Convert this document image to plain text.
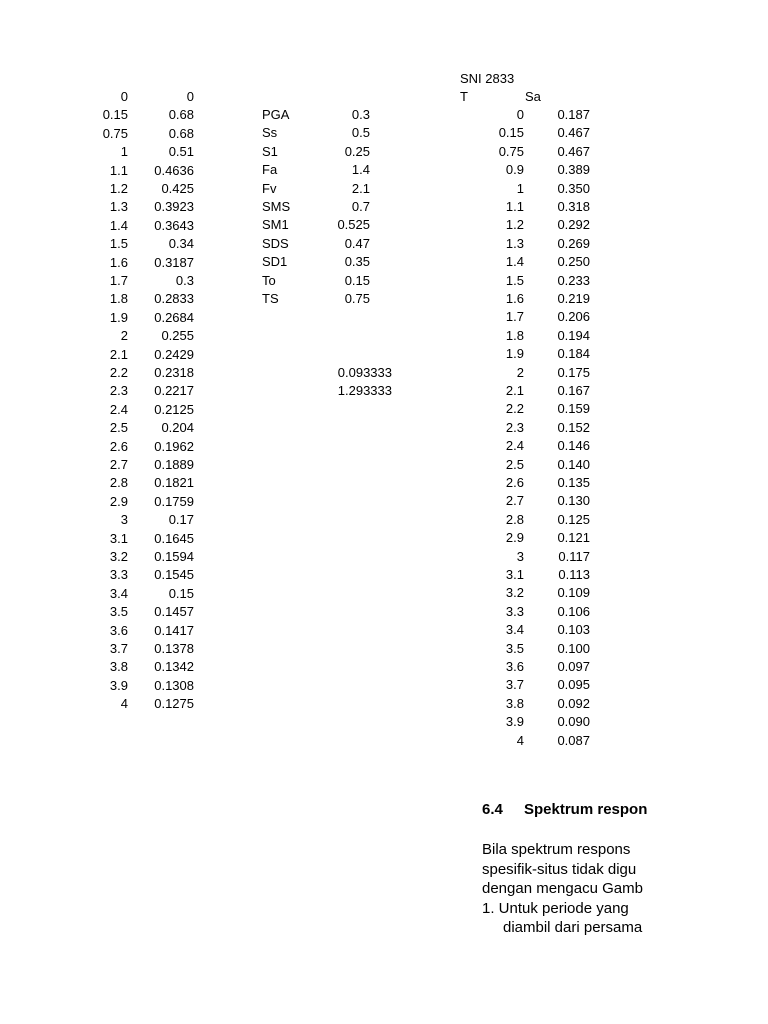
0	0
0.15	0.68
0.75	0.68
1	0.51
1.1	0.4636
1.2	0.425
1.3	0.3923
1.4	0.3643
1.5	0.34
1.6	0.3187
1.7	0.3
1.8	0.2833
1.9	0.2684
2	0.255
2.1	0.2429
2.2	0.2318
2.3	0.2217
2.4	0.2125
2.5	0.204
2.6	0.1962
2.7	0.1889
2.8	0.1821
2.9	0.1759
3	0.17
3.1	0.1645
3.2	0.1594
3.3	0.1545
3.4	0.15
3.5	0.1457
3.6	0.1417
3.7	0.1378
3.8	0.1342
3.9	0.1308
4	0.1275
PGA	0.3
Ss	0.5
S1	0.25
Fa	1.4
Fv	2.1
SMS	0.7
SM1	0.525
SDS	0.47
SD1	0.35
To	0.15
TS	0.75
0.093333
1.293333
SNI 2833
T	Sa
0	0.187
0.15	0.467
0.75	0.467
0.9	0.389
1	0.350
1.1	0.318
1.2	0.292
1.3	0.269
1.4	0.250
1.5	0.233
1.6	0.219
1.7	0.206
1.8	0.194
1.9	0.184
2	0.175
2.1	0.167
2.2	0.159
2.3	0.152
2.4	0.146
2.5	0.140
2.6	0.135
2.7	0.130
2.8	0.125
2.9	0.121
3	0.117
3.1	0.113
3.2	0.109
3.3	0.106
3.4	0.103
3.5	0.100
3.6	0.097
3.7	0.095
3.8	0.092
3.9	0.090
4	0.087
6.4 Spektrum respon
Bila spektrum respons
spesifik-situs tidak digu
dengan mengacu Gamb
1. Untuk periode yang
diambil dari persama
